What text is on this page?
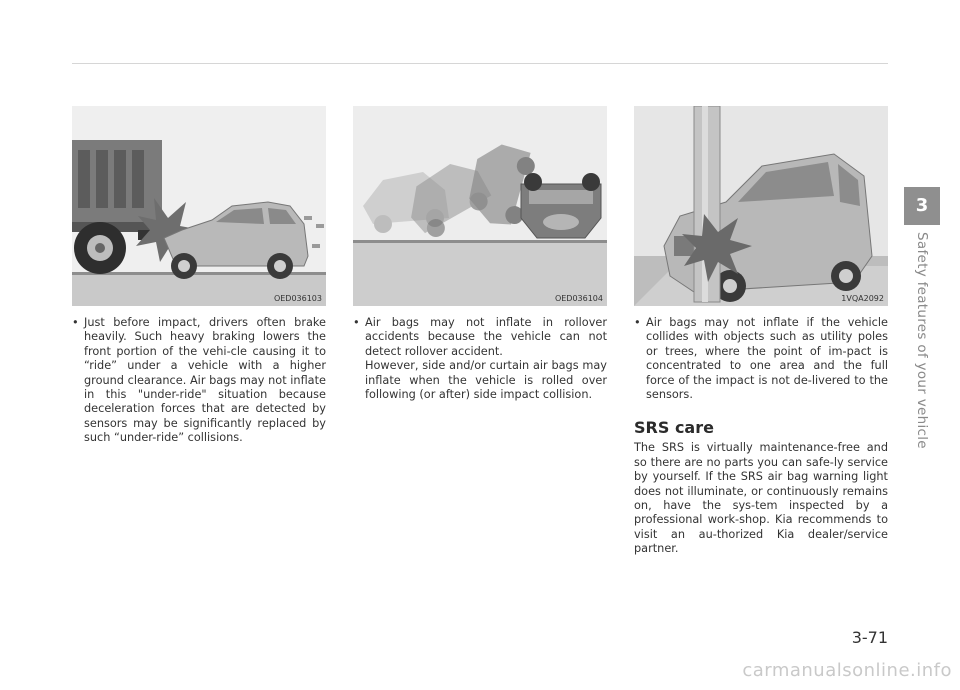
OED036103
• Just before impact, drivers often brake heavily. Such heavy braking lowers the front portion of the vehi-cle causing it to “ride” under a vehicle with a higher ground clearance. Air bags may not inflate in this "under-ride" situation because deceleration forces that are detected by sensors may be significantly replaced by such “under-ride” collisions.
OED036104
• Air bags may not inflate in rollover accidents because the vehicle can not detect rollover accident.
However, side and/or curtain air bags may inflate when the vehicle is rolled over following (or after) side impact collision.
1VQA2092
• Air bags may not inflate if the vehicle collides with objects such as utility poles or trees, where the point of im-pact is concentrated to one area and the full force of the impact is not de-livered to the sensors.
SRS care
The SRS is virtually maintenance-free and so there are no parts you can safe-ly service by yourself. If the SRS air bag warning light does not illuminate, or continuously remains on, have the sys-tem inspected by a professional work-shop. Kia recommends to visit an au-thorized Kia dealer/service partner.
3
Safety features of your vehicle
3-71
carmanualsonline.info
